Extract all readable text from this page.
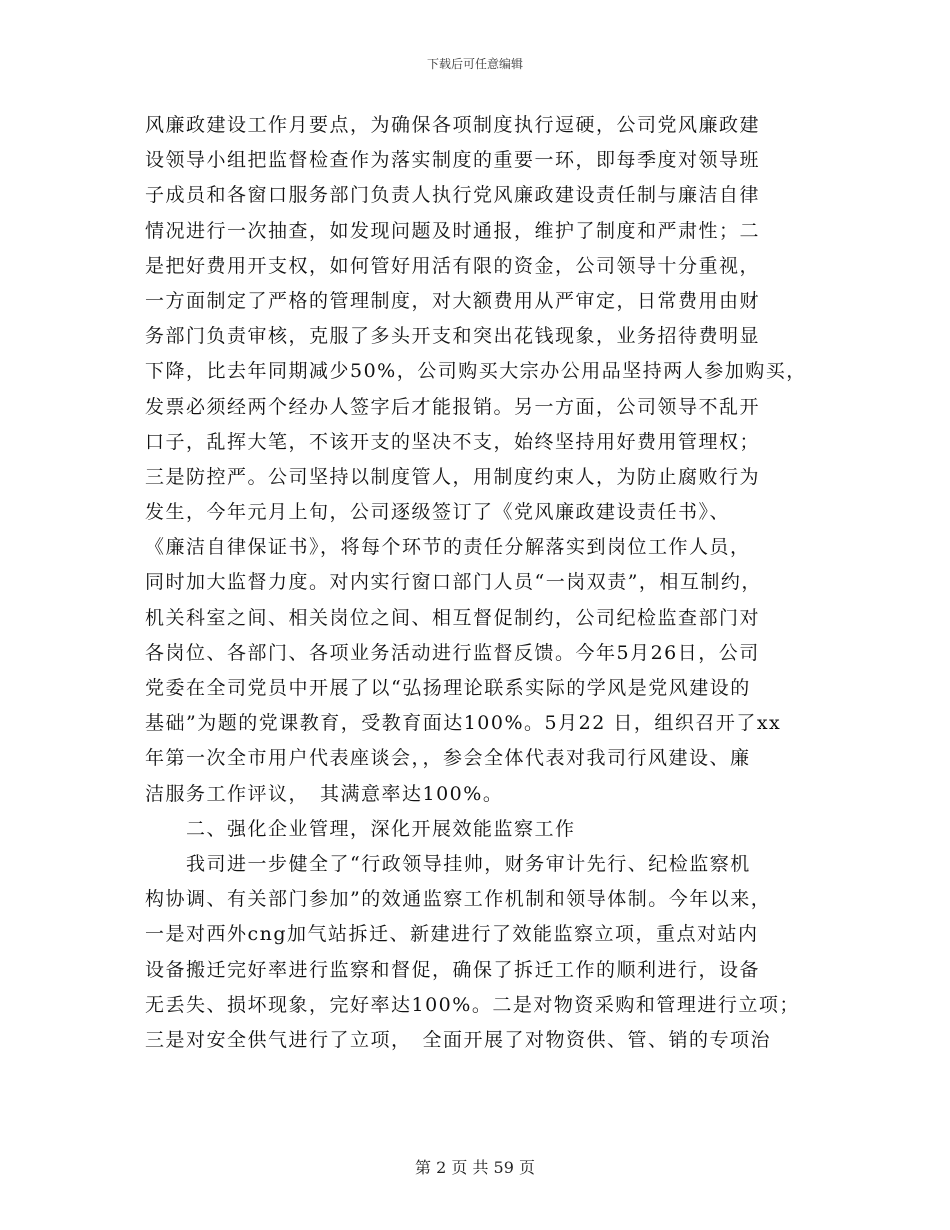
下载后可任意编辑
风廉政建设工作月要点，为确保各项制度执行逗硬，公司党风廉政建
设领导小组把监督检查作为落实制度的重要一环，即每季度对领导班
子成员和各窗口服务部门负责人执行党风廉政建设责任制与廉洁自律
情况进行一次抽查，如发现问题及时通报，维护了制度和严肃性；二
是把好费用开支权，如何管好用活有限的资金，公司领导十分重视，
一方面制定了严格的管理制度，对大额费用从严审定，日常费用由财
务部门负责审核，克服了多头开支和突出花钱现象，业务招待费明显
下降，比去年同期减少50%，公司购买大宗办公用品坚持两人参加购买，
发票必须经两个经办人签字后才能报销。另一方面，公司领导不乱开
口子，乱挥大笔，不该开支的坚决不支，始终坚持用好费用管理权；
三是防控严。公司坚持以制度管人，用制度约束人，为防止腐败行为
发生，今年元月上旬，公司逐级签订了《党风廉政建设责任书》、
《廉洁自律保证书》，将每个环节的责任分解落实到岗位工作人员，
同时加大监督力度。对内实行窗口部门人员“一岗双责”，相互制约，
机关科室之间、相关岗位之间、相互督促制约，公司纪检监查部门对
各岗位、各部门、各项业务活动进行监督反馈。今年5月26日，公司
党委在全司党员中开展了以“弘扬理论联系实际的学风是党风建设的
基础”为题的党课教育，受教育面达100%。5月22 日，组织召开了xx
年第一次全市用户代表座谈会，，参会全体代表对我司行风建设、廉
洁服务工作评议，　其满意率达100%。
　　二、强化企业管理，深化开展效能监察工作
　　我司进一步健全了“行政领导挂帅，财务审计先行、纪检监察机
构协调、有关部门参加”的效通监察工作机制和领导体制。今年以来，
一是对西外cng加气站拆迁、新建进行了效能监察立项，重点对站内
设备搬迁完好率进行监察和督促，确保了拆迁工作的顺利进行，设备
无丢失、损坏现象，完好率达100%。二是对物资采购和管理进行立项；
三是对安全供气进行了立项，　全面开展了对物资供、管、销的专项治
第 2 页 共 59 页
